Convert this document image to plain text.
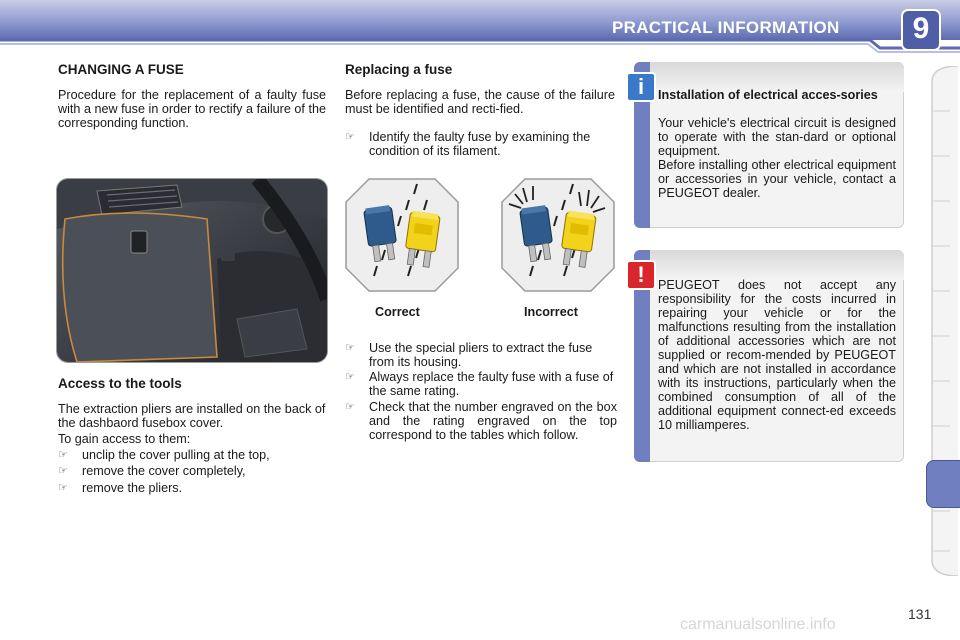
PRACTICAL INFORMATION 9
CHANGING A FUSE

Procedure for the replacement of a faulty fuse with a new fuse in order to rectify a failure of the corresponding function.

Access to the tools

The extraction pliers are installed on the back of the dashbaord fusebox cover.

To gain access to them:

☞ unclip the cover pulling at the top,
☞ remove the cover completely,
☞ remove the pliers.
Replacing a fuse

Before replacing a fuse, the cause of the failure must be identified and recti-fied.

☞ Identify the faulty fuse by examining the condition of its filament.
Correct	Incorrect
☞ Use the special pliers to extract the fuse from its housing.
☞ Always replace the faulty fuse with a fuse of the same rating.
☞ Check that the number engraved on the box and the rating engraved on the top correspond to the tables which follow.
i	Installation of electrical acces-sories

Your vehicle's electrical circuit is designed to operate with the stan-dard or optional equipment.

Before installing other electrical equipment or accessories in your vehicle, contact a PEUGEOT dealer.

!	PEUGEOT does not accept any responsibility for the costs incurred in repairing your vehicle or for the malfunctions resulting from the installation of additional accessories which are not supplied or recom-mended by PEUGEOT and which are not installed in accordance with its instructions, particularly when the combined consumption of all of the additional equipment connect-ed exceeds 10 milliamperes.

carmanualsonline.info
131
